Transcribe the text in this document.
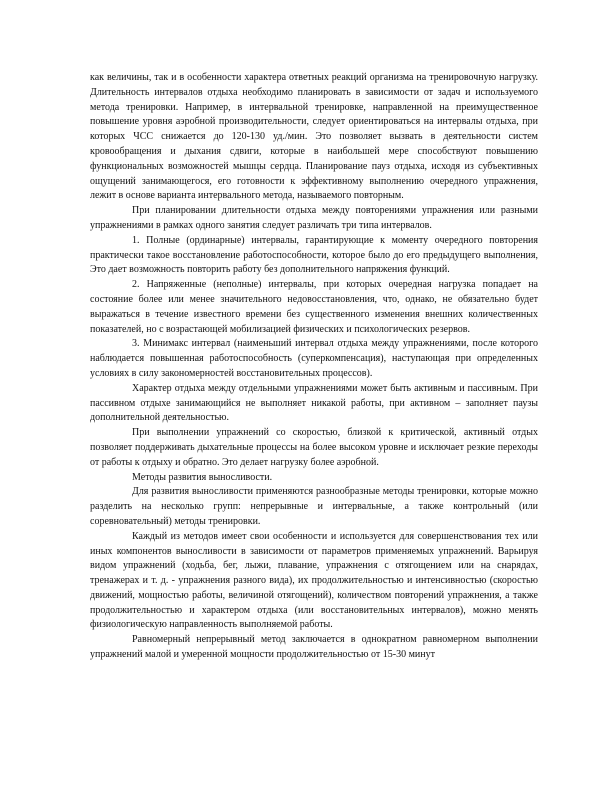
как величины, так и в особенности характера ответных реакций организма на тренировочную нагрузку. Длительность интервалов отдыха необходимо планировать в зависимости от задач и используемого метода тренировки. Например, в интервальной тренировке, направленной на преимущественное повышение уровня аэробной производительности, следует ориентироваться на интервалы отдыха, при которых ЧСС снижается до 120-130 уд./мин. Это позволяет вызвать в деятельности систем кровообращения и дыхания сдвиги, которые в наибольшей мере способствуют повышению функциональных возможностей мышцы сердца. Планирование пауз отдыха, исходя из субъективных ощущений занимающегося, его готовности к эффективному выполнению очередного упражнения, лежит в основе варианта интервального метода, называемого повторным.

При планировании длительности отдыха между повторениями упражнения или разными упражнениями в рамках одного занятия следует различать три типа интервалов.

1. Полные (ординарные) интервалы, гарантирующие к моменту очередного повторения практически такое восстановление работоспособности, которое было до его предыдущего выполнения, Это дает возможность повторить работу без дополнительного напряжения функций.

2. Напряженные (неполные) интервалы, при которых очередная нагрузка попадает на состояние более или менее значительного недовосстановления, что, однако, не обязательно будет выражаться в течение известного времени без существенного изменения внешних количественных показателей, но с возрастающей мобилизацией физических и психологических резервов.

3. Минимакс интервал (наименьший интервал отдыха между упражнениями, после которого наблюдается повышенная работоспособность (суперкомпенсация), наступающая при определенных условиях в силу закономерностей восстановительных процессов).

Характер отдыха между отдельными упражнениями может быть активным и пассивным. При пассивном отдыхе занимающийся не выполняет никакой работы, при активном – заполняет паузы дополнительной деятельностью.

При выполнении упражнений со скоростью, близкой к критической, активный отдых позволяет поддерживать дыхательные процессы на более высоком уровне и исключает резкие переходы от работы к отдыху и обратно. Это делает нагрузку более аэробной.

Методы развития выносливости.

Для развития выносливости применяются разнообразные методы тренировки, которые можно разделить на несколько групп: непрерывные и интервальные, а также контрольный (или соревновательный) методы тренировки.

Каждый из методов имеет свои особенности и используется для совершенствования тех или иных компонентов выносливости в зависимости от параметров применяемых упражнений. Варьируя видом упражнений (ходьба, бег, лыжи, плавание, упражнения с отягощением или на снарядах, тренажерах и т. д. - упражнения разного вида), их продолжительностью и интенсивностью (скоростью движений, мощностью работы, величиной отягощений), количеством повторений упражнения, а также продолжительностью и характером отдыха (или восстановительных интервалов), можно менять физиологическую направленность выполняемой работы.

Равномерный непрерывный метод заключается в однократном равномерном выполнении упражнений малой и умеренной мощности продолжительностью от 15-30 минут
